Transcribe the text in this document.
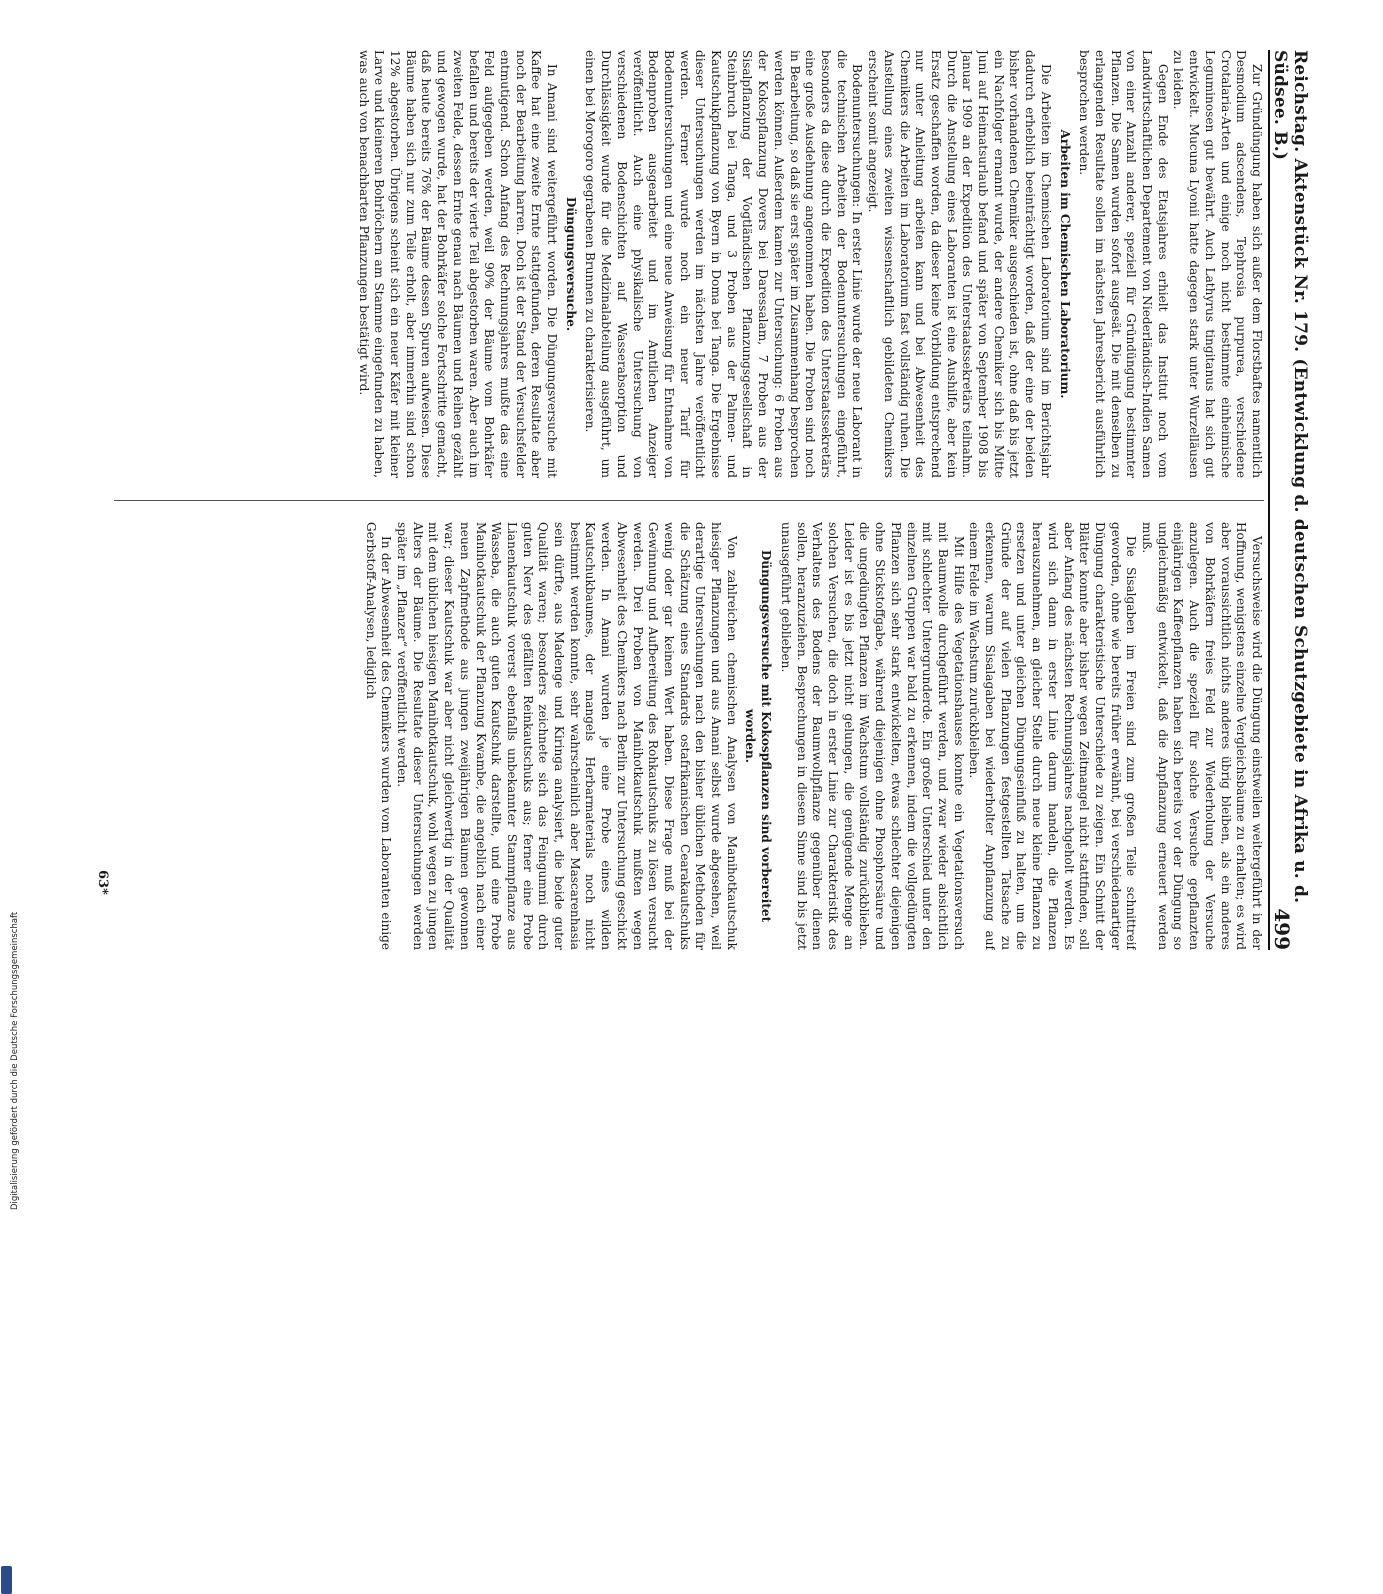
Reichstag. Aktenstück Nr. 179. (Entwicklung d. deutschen Schutzgebiete in Afrika u. d. Südsee. B.)
499

Zur Gründüngung haben sich außer dem Florstbaftes namentlich Desmodium adscendens, Tephrosia purpurea, verschiedene Crotalaria-Arten und einige noch nicht bestimmte einheimische Leguminosen gut bewährt. Auch Lathyrus tingitanus hat sich gut entwickelt. Mucuna Lyonii hatte dagegen stark unter Wurzelläusen zu leiden.

Gegen Ende des Etatsjahres erhielt das Institut noch vom Landwirtschaftlichen Departement von Niederländisch-Indien Samen von einer Anzahl anderer, speziell für Gründüngung bestimmter Pflanzen. Die Samen wurden sofort ausgesät. Die mit denselben zu erlangenden Resultate sollen im nächsten Jahresbericht ausführlich besprochen werden.

Arbeiten im Chemischen Laboratorium.

Die Arbeiten im Chemischen Laboratorium sind im Berichtsjahr dadurch erheblich beeinträchtigt worden, daß der eine der beiden bisher vorhandenen Chemiker ausgeschieden ist, ohne daß bis jetzt ein Nachfolger ernannt wurde, der andere Chemiker sich bis Mitte Juni auf Heimatsurlaub befand und später von September 1908 bis Januar 1909 an der Expedition des Unterstaatssekretärs teilnahm. Durch die Anstellung eines Laboranten ist eine Aushilfe, aber kein Ersatz geschaffen worden, da dieser keine Vorbildung entsprechend nur unter Anleitung arbeiten kann und bei Abwesenheit des Chemikers die Arbeiten im Laboratorium fast vollständig ruhen. Die Anstellung eines zweiten wissenschaftlich gebildeten Chemikers erscheint somit angezeigt.

Bodenuntersuchungen: In erster Linie wurde der neue Laborant in die technischen Arbeiten der Bodenuntersuchungen eingeführt, besonders da diese durch die Expedition des Unterstaatssekretärs eine große Ausdehnung angenommen haben. Die Proben sind noch in Bearbeitung, so daß sie erst später im Zusammenhang besprochen werden können. Außerdem kamen zur Untersuchung: 6 Proben aus der Kokospflanzung Dovers bei Daressalam, 7 Proben aus der Sisalpflanzung der Vogtländischen Pflanzungsgesellschaft in Steinbruch bei Tanga, und 3 Proben aus der Palmen- und Kautschukpflanzung von Byern in Doma bei Tanga. Die Ergebnisse dieser Untersuchungen werden im nächsten Jahre veröffentlicht werden. Ferner wurde noch ein neuer Tarif für Bodenuntersuchungen und eine neue Anweisung für Entnahme von Bodenproben ausgearbeitet und im Amtlichen Anzeiger veröffentlicht. Auch eine physikalische Untersuchung von verschiedenen Bodenschichten auf Wasserabsorption und Durchlässigkeit wurde für die Medizinalabteilung ausgeführt, um einen bei Morogoro gegrabenen Brunnen zu charakterisieren.

Düngungsversuche.

In Amani sind weitergeführt worden. Die Düngungsversuche mit Kaffee hat eine zweite Ernte stattgefunden, deren Resultate aber noch der Bearbeitung harren. Doch ist der Stand der Versuchsfelder entmutigend. Schon Anfang des Rechnungsjahres mußte das eine Feld aufgegeben werden, weil 90% der Bäume vom Bohrkäfer befallen und bereits der vierte Teil abgestorben waren. Aber auch im zweiten Felde, dessen Ernte genau nach Bäumen und Reihen gezählt und gewogen wurde, hat der Bohrkäfer solche Fortschritte gemacht, daß heute bereits 76% der Bäume dessen Spuren aufweisen. Diese Bäume haben sich nur zum Teile erholt, aber immerhin sind schon 12% abgestorben. Übrigens scheint sich ein neuer Käfer mit kleiner Larve und kleineren Bohrlöchern am Stamme eingefunden zu haben, was auch von benachbarten Pflanzungen bestätigt wird.

Versuchsweise wird die Düngung einstweilen weitergeführt in der Hoffnung, wenigstens einzelne Vergleichsbäume zu erhalten; es wird aber voraussichtlich nichts anderes übrig bleiben, als ein anderes von Bohrkäfern freies Feld zur Wiederholung der Versuche anzulegen. Auch die speziell für solche Versuche gepflanzten einjährigen Kaffeepflanzen haben sich bereits vor der Düngung so ungleichmäßig entwickelt, daß die Anpflanzung erneuert werden muß.

Die Sisalgaben im Freien sind zum großen Teile schnittreif geworden, ohne wie bereits früher erwähnt, bei verschiedenartiger Düngung charakteristische Unterschiede zu zeigen. Ein Schnitt der Blätter konnte aber bisher wegen Zeitmangel nicht stattfinden, soll aber Anfang des nächsten Rechnungsjahres nachgeholt werden. Es wird sich dann in erster Linie darum handeln, die Pflanzen herauszunehmen, an gleicher Stelle durch neue kleine Pflanzen zu ersetzen und unter gleichen Düngungseinfluß zu halten, um die Gründe der auf vielen Pflanzungen festgestellten Tatsache zu erkennen, warum Sisalagaben bei wiederholter Anpflanzung auf einem Felde im Wachstum zurückbleiben.

Mit Hilfe des Vegetationshauses konnte ein Vegetationsversuch mit Baumwolle durchgeführt werden, und zwar wieder absichtlich mit schlechter Untergrunderde. Ein großer Unterschied unter den einzelnen Gruppen war bald zu erkennen, indem die vollgedüngten Pflanzen sich sehr stark entwickelten, etwas schlechter diejenigen ohne Stickstoffgabe, während diejenigen ohne Phosphorsäure und die ungedüngten Pflanzen im Wachstum vollständig zurückblieben. Leider ist es bis jetzt nicht gelungen, die genügende Menge an solchen Versuchen, die doch in erster Linie zur Charakteristik des Verhaltens des Bodens der Baumwollpflanze gegenüber dienen sollen, heranzuziehen. Besprechungen in diesem Sinne sind bis jetzt unausgeführt geblieben.

Düngungsversuche mit Kokospflanzen sind vorbereitet worden.

Von zahlreichen chemischen Analysen von Manihotkautschuk hiesiger Pflanzungen und aus Amani selbst wurde abgesehen, weil derartige Untersuchungen nach den bisher üblichen Methoden für die Schätzung eines Standards ostafrikanischen Cearakautschuks wenig oder gar keinen Wert haben. Diese Frage muß bei der Gewinnung und Aufbereitung des Rohkautschuks zu lösen versucht werden. Drei Proben von Manihotkautschuk mußten wegen Abwesenheit des Chemikers nach Berlin zur Untersuchung geschickt werden. In Amani wurden je eine Probe eines wilden Kautschukbaumes, der mangels Herbarmaterials noch nicht bestimmt werden konnte, sehr wahrscheinlich aber Mascarenhasia sein dürfte, aus Madenge und Kiringa analysiert, die beide guter Qualität waren; besonders zeichnete sich das Feingummi durch guten Nerv des gefällten Reinkautschuks aus; ferner eine Probe Lianenkautschuk vorerst ebenfalls unbekannter Stammpflanze aus Wasseba, die auch guten Kautschuk darstellte, und eine Probe Manihotkautschuk der Pflanzung Kwambe, die angeblich nach einer neuen Zapfmethode aus jungen zweijährigen Bäumen gewonnen war; dieser Kautschuk war aber nicht gleichwertig in der Qualität mit dem üblichen hiesigen Manihotkautschuk, wohl wegen zu jungen Alters der Bäume. Die Resultate dieser Untersuchungen werden später im „Pflanzer“ veröffentlicht werden.

In der Abwesenheit des Chemikers wurden vom Laboranten einige Gerbstoff-Analysen, lediglich

63*
Digitalisierung gefördert durch die Deutsche Forschungsgemeinschaft
